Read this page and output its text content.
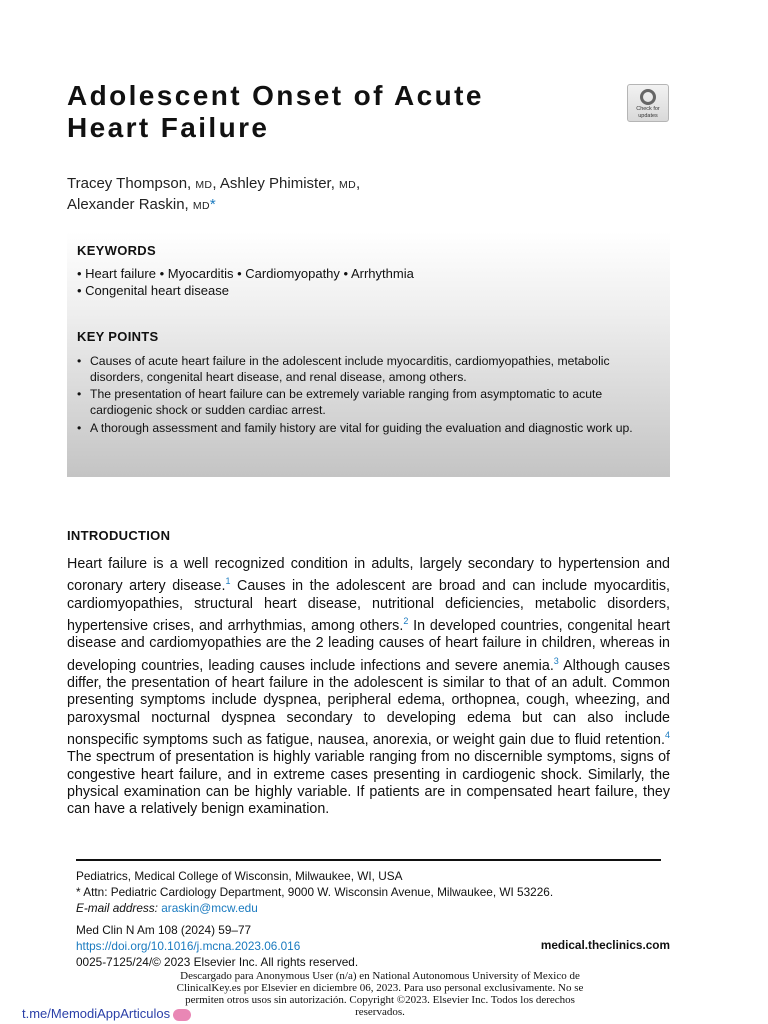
Adolescent Onset of Acute
Heart Failure
Check for
updates
Tracey Thompson, MD, Ashley Phimister, MD,
Alexander Raskin, MD*
KEYWORDS
• Heart failure • Myocarditis • Cardiomyopathy • Arrhythmia
• Congenital heart disease
KEY POINTS
• Causes of acute heart failure in the adolescent include myocarditis, cardiomyopathies, metabolic disorders, congenital heart disease, and renal disease, among others.
• The presentation of heart failure can be extremely variable ranging from asymptomatic to acute cardiogenic shock or sudden cardiac arrest.
• A thorough assessment and family history are vital for guiding the evaluation and diagnostic work up.
INTRODUCTION

Heart failure is a well recognized condition in adults, largely secondary to hypertension and coronary artery disease.$^1$ Causes in the adolescent are broad and can include myocarditis, cardiomyopathies, structural heart disease, nutritional deficiencies, metabolic disorders, hypertensive crises, and arrhythmias, among others.$^2$ In developed countries, congenital heart disease and cardiomyopathies are the 2 leading causes of heart failure in children, whereas in developing countries, leading causes include infections and severe anemia.$^3$ Although causes differ, the presentation of heart failure in the adolescent is similar to that of an adult. Common presenting symptoms include dyspnea, peripheral edema, orthopnea, cough, wheezing, and paroxysmal nocturnal dyspnea secondary to developing edema but can also include nonspecific symptoms such as fatigue, nausea, anorexia, or weight gain due to fluid retention.$^4$ The spectrum of presentation is highly variable ranging from no discernible symptoms, signs of congestive heart failure, and in extreme cases presenting in cardiogenic shock. Similarly, the physical examination can be highly variable. If patients are in compensated heart failure, they can have a relatively benign examination.

Pediatrics, Medical College of Wisconsin, Milwaukee, WI, USA
* Attn: Pediatric Cardiology Department, 9000 W. Wisconsin Avenue, Milwaukee, WI 53226.
E-mail address: araskin@mcw.edu
Med Clin N Am 108 (2024) 59–77
https://doi.org/10.1016/j.mcna.2023.06.016
0025-7125/24/© 2023 Elsevier Inc. All rights reserved.
medical.theclinics.com
Descargado para Anonymous User (n/a) en National Autonomous University of Mexico de
ClinicalKey.es por Elsevier en diciembre 06, 2023. Para uso personal exclusivamente. No se
permiten otros usos sin autorización. Copyright ©2023. Elsevier Inc. Todos los derechos
reservados.
t.me/MemodiAppArticulos
